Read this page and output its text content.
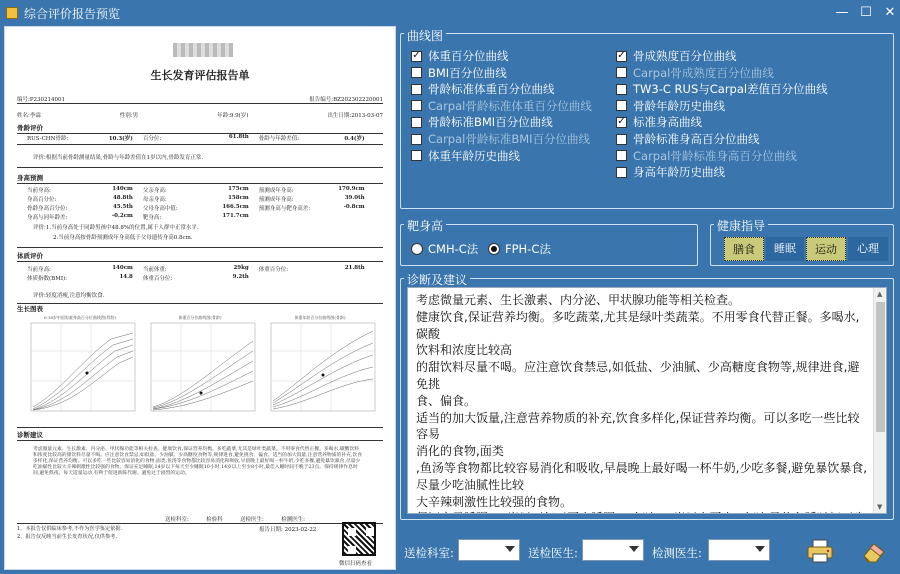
综合评价报告预览	— ☐ ✕
生长发育评估报告单
编号:P230214001	报告编号:BZ202302220001
姓名:李霖	性别:男	年龄:9.9(岁)	出生日期:2013-03-07
骨龄评价
RUS-CHN骨龄:	10.3(岁) 百分位:	61.8th 骨龄与年龄差值:	0.4(岁)
评价:根据当前骨龄测量结果,骨龄与年龄差值在1岁以内,骨龄发育正常.
身高预测
当前身高:	140cm 父亲身高:	175cm 预测成年身高:	170.9cm
身高百分位:	48.8th 母亲身高:	158cm 预测成年身高:	39.0th
骨龄身高百分位:	45.5th 父母身高中值:	166.5cm 预测身高与靶身高差:	-0.8cm
身高与同年龄差:	-0.2cm 靶身高:	171.7cm
评价:1.当前身高处于同龄男孩中48.8%的位置,属于人群中正常水平.
2.当前身高按骨龄预测成年身高低于父母遗传身高0.8cm.
体质评价
当前身高:	140cm 当前体重:	29kg 体重百分位:	21.8th
体质指数(BMI):	14.8 体重百分位:	9.2th
评价:轻度消瘦,注意均衡饮食.
生长图表
0-18岁中国男童身高百分位曲线图(骨龄)	体重百分位曲线图(骨龄)	体重年龄百分位曲线图(骨龄)
诊断建议
考虑微量元素、生长激素、内分泌、甲状腺功能等相关检查。健康饮食,保证营养均衡。多吃蔬菜,尤其是绿叶类蔬菜。不用零食代替正餐。多喝水,碳酸饮料和浓度比较高的甜饮料尽量不喝。应注意饮食禁忌,如低盐、少油腻、少高糖度食物等,规律进食,避免挑食、偏食。适当的加大饭量,注意营养物质的补充,饮食多样化,保证营养均衡。可以多吃一些比较容易消化的食物,面类,鱼汤等食物都比较容易消化和吸收,早晨晚上最好喝一杯牛奶,少吃多餐,避免暴饮暴食,尽量少吃油腻性比较大辛辣刺激性比较强的食物。保证充足睡眠,14岁以下每天至少睡眠10小时,14岁以上至少8小时,最佳入睡时间不晚于23点。保持规律作息时间,避免熬夜。每天适量运动,有利于促进新陈代谢。避免过于剧烈的运动。
送检科室:	检验科	送检医生:	检测医生:
报告日期: 2023-02-22
1、本报告仅供临床参考,不作为医学鉴定依据.
2、报告仅反映当前生长发育状况,仅供参考.
微信扫码查看
曲线图
✓ 体重百分位曲线
BMI百分位曲线
骨龄标准体重百分位曲线
Carpal骨龄标准体重百分位曲线
骨龄标准BMI百分位曲线
Carpal骨龄标准BMI百分位曲线
体重年龄历史曲线
✓ 骨成熟度百分位曲线
Carpal骨成熟度百分位曲线
TW3-C RUS与Carpal差值百分位曲线
骨龄年龄历史曲线
✓ 标准身高曲线
骨龄标准身高百分位曲线
Carpal骨龄标准身高百分位曲线
身高年龄历史曲线
靶身高
CMH-C法 FPH-C法
健康指导
膳食	睡眠	运动	心理
诊断及建议

考虑微量元素、生长激素、内分泌、甲状腺功能等相关检查。

健康饮食,保证营养均衡。多吃蔬菜,尤其是绿叶类蔬菜。不用零食代替正餐。多喝水,碳酸

饮料和浓度比较高

的甜饮料尽量不喝。应注意饮食禁忌,如低盐、少油腻、少高糖度食物等,规律进食,避免挑

食、偏食。

适当的加大饭量,注意营养物质的补充,饮食多样化,保证营养均衡。可以多吃一些比较容易

消化的食物,面类

,鱼汤等食物都比较容易消化和吸收,早晨晚上最好喝一杯牛奶,少吃多餐,避免暴饮暴食,

尽量少吃油腻性比较

大辛辣刺激性比较强的食物。

▲
▼
送检科室:	送检医生:	检测医生:
